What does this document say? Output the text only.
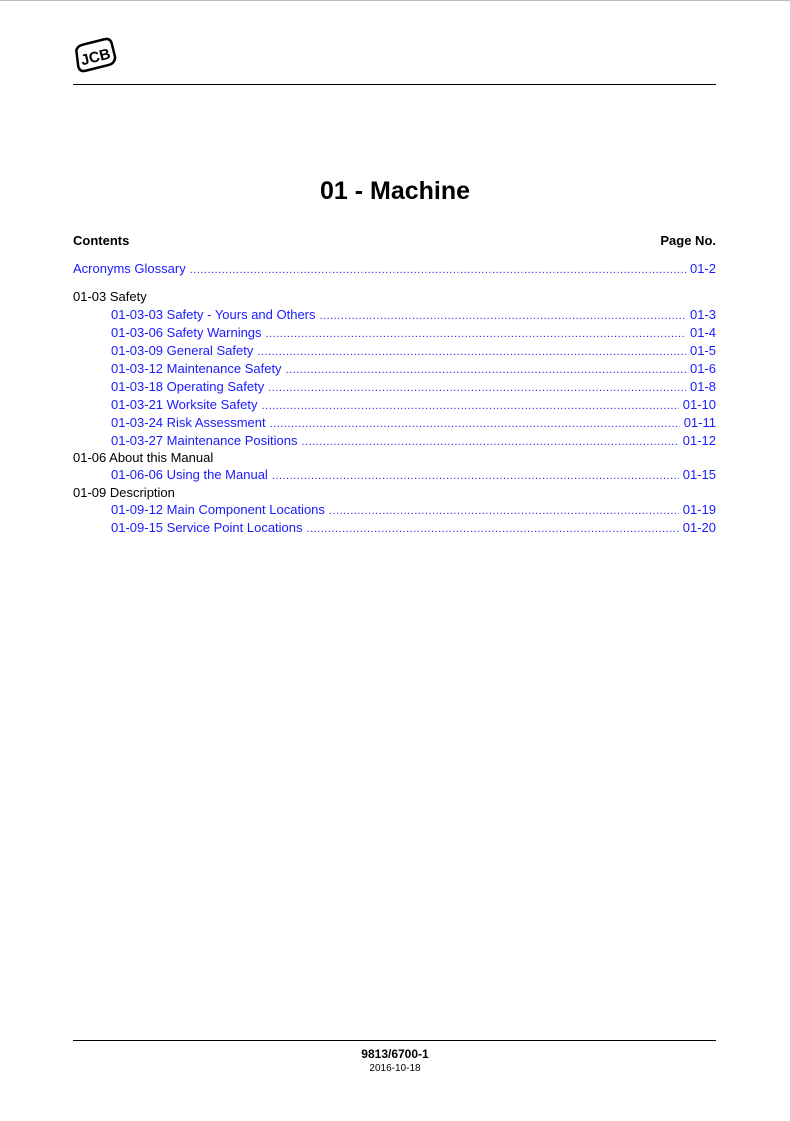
JCB
01 - Machine
Contents	Page No.
Acronyms Glossary .....	01-2
01-03 Safety
01-03-03 Safety - Yours and Others .....	01-3
01-03-06 Safety Warnings .....	01-4
01-03-09 General Safety .....	01-5
01-03-12 Maintenance Safety .....	01-6
01-03-18 Operating Safety .....	01-8
01-03-21 Worksite Safety .....	01-10
01-03-24 Risk Assessment .....	01-11
01-03-27 Maintenance Positions .....	01-12
01-06 About this Manual
01-06-06 Using the Manual .....	01-15
01-09 Description
01-09-12 Main Component Locations .....	01-19
01-09-15 Service Point Locations .....	01-20
9813/6700-1
2016-10-18
